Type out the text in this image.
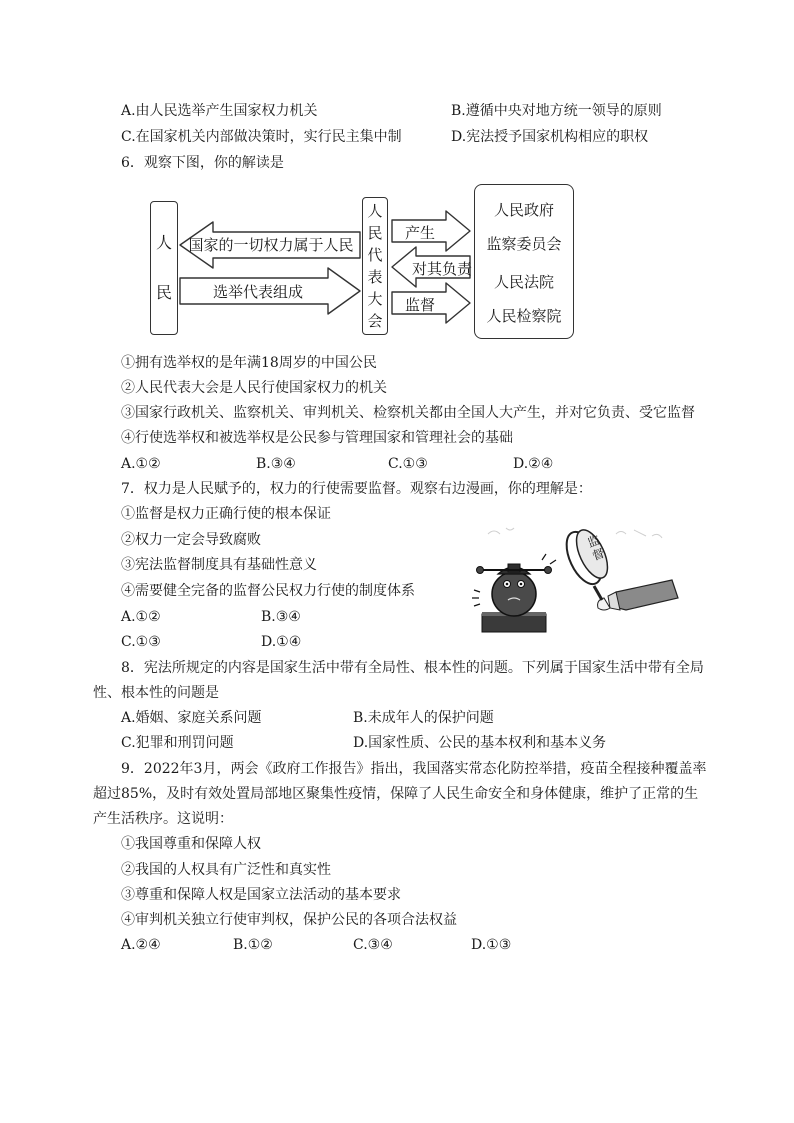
A.由人民选举产生国家权力机关	B.遵循中央对地方统一领导的原则
C.在国家机关内部做决策时，实行民主集中制	D.宪法授予国家机构相应的职权
6．观察下图，你的解读是
人
民
人
民
代
表
大
会
国家的一切权力属于人民
选举代表组成
产生
对其负责
监督
人民政府
监察委员会
人民法院
人民检察院
①拥有选举权的是年满18周岁的中国公民
②人民代表大会是人民行使国家权力的机关
③国家行政机关、监察机关、审判机关、检察机关都由全国人大产生，并对它负责、受它监督
④行使选举权和被选举权是公民参与管理国家和管理社会的基础
A.①②	B.③④	C.①③	D.②④
7．权力是人民赋予的，权力的行使需要监督。观察右边漫画，你的理解是：
①监督是权力正确行使的根本保证
②权力一定会导致腐败
③宪法监督制度具有基础性意义
④需要健全完备的监督公民权力行使的制度体系
A.①②	B.③④
C.①③	D.①④
监督
8．宪法所规定的内容是国家生活中带有全局性、根本性的问题。下列属于国家生活中带有全局
性、根本性的问题是
A.婚姻、家庭关系问题	B.未成年人的保护问题
C.犯罪和刑罚问题	D.国家性质、公民的基本权利和基本义务
9．2022年3月，两会《政府工作报告》指出，我国落实常态化防控举措，疫苗全程接种覆盖率
超过85%，及时有效处置局部地区聚集性疫情，保障了人民生命安全和身体健康，维护了正常的生
产生活秩序。这说明：
①我国尊重和保障人权
②我国的人权具有广泛性和真实性
③尊重和保障人权是国家立法活动的基本要求
④审判机关独立行使审判权，保护公民的各项合法权益
A.②④	B.①②	C.③④	D.①③
